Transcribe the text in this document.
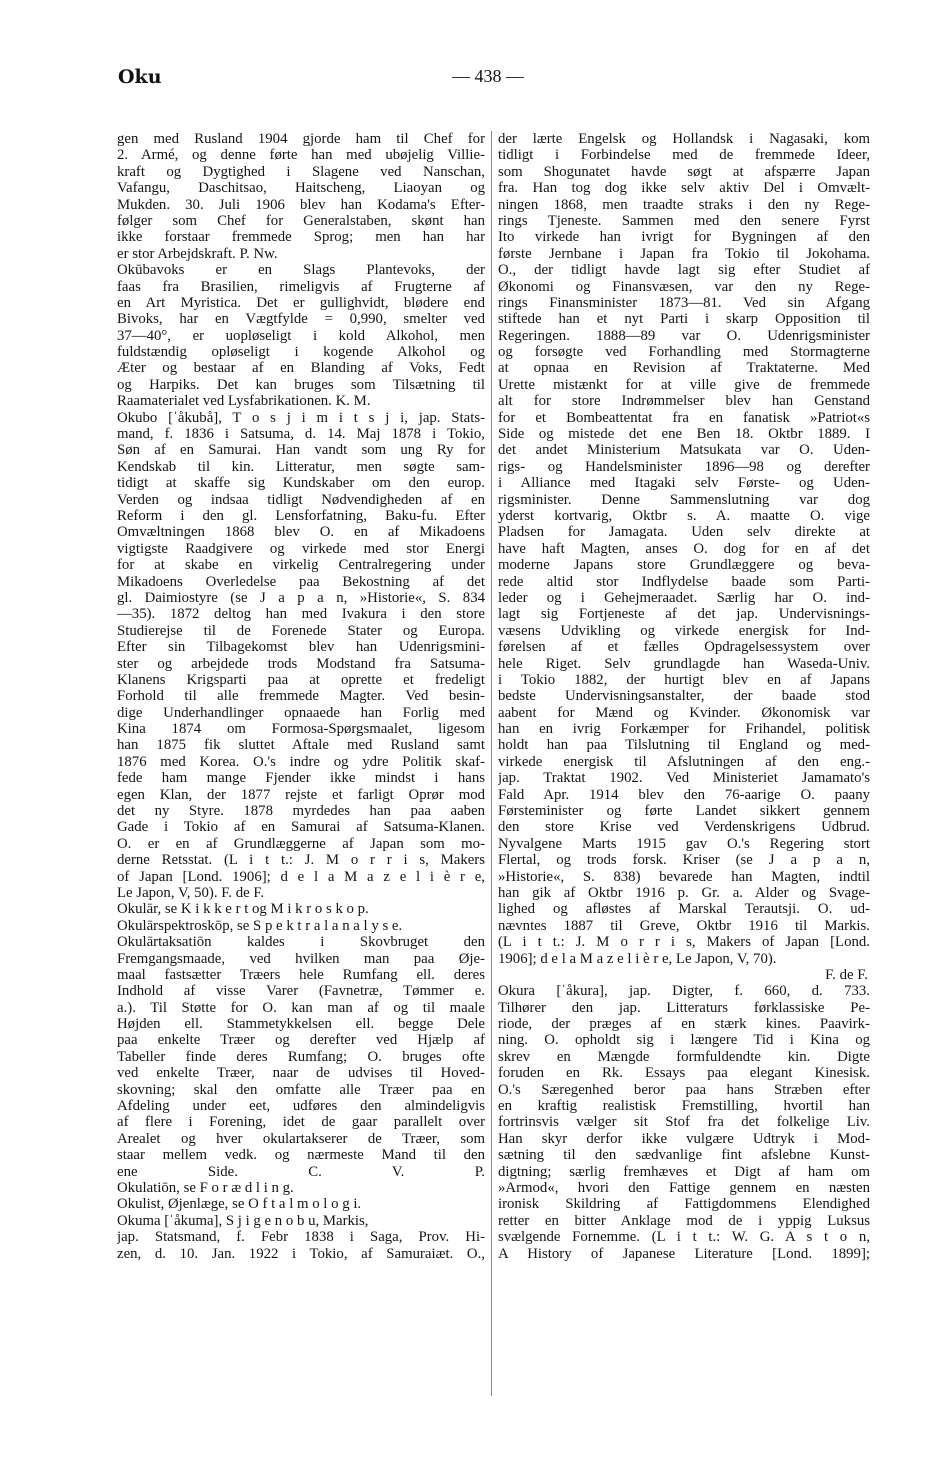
Oku	— 438 —
gen med Rusland 1904 gjorde ham til Chef for
2. Armé, og denne førte han med ubøjelig Villie-
kraft og Dygtighed i Slagene ved Nanschan,
Vafangu, Daschitsao, Haitscheng, Liaoyan og
Mukden. 30. Juli 1906 blev han Kodama's Efter-
følger som Chef for Generalstaben, skønt han
ikke forstaar fremmede Sprog; men han har
er stor Arbejdskraft. P. Nw.
Okūbavoks er en Slags Plantevoks, der
faas fra Brasilien, rimeligvis af Frugterne af
en Art Myristica. Det er gullighvidt, blødere end
Bivoks, har en Vægtfylde = 0,990, smelter ved
37—40°, er uopløseligt i kold Alkohol, men
fuldstændig opløseligt i kogende Alkohol og
Æter og bestaar af en Blanding af Voks, Fedt
og Harpiks. Det kan bruges som Tilsætning til
Raamaterialet ved Lysfabrikationen. K. M.
Okubo [ˈåkubå], T o s j i m i t s j i, jap. Stats-
mand, f. 1836 i Satsuma, d. 14. Maj 1878 i Tokio,
Søn af en Samurai. Han vandt som ung Ry for
Kendskab til kin. Litteratur, men søgte sam-
tidigt at skaffe sig Kundskaber om den europ.
Verden og indsaa tidligt Nødvendigheden af en
Reform i den gl. Lensforfatning, Baku-fu. Efter
Omvæltningen 1868 blev O. en af Mikadoens
vigtigste Raadgivere og virkede med stor Energi
for at skabe en virkelig Centralregering under
Mikadoens Overledelse paa Bekostning af det
gl. Daimiostyre (se J a p a n, »Historie«, S. 834
—35). 1872 deltog han med Ivakura i den store
Studierejse til de Forenede Stater og Europa.
Efter sin Tilbagekomst blev han Udenrigsmini-
ster og arbejdede trods Modstand fra Satsuma-
Klanens Krigsparti paa at oprette et fredeligt
Forhold til alle fremmede Magter. Ved besin-
dige Underhandlinger opnaaede han Forlig med
Kina 1874 om Formosa-Spørgsmaalet, ligesom
han 1875 fik sluttet Aftale med Rusland samt
1876 med Korea. O.'s indre og ydre Politik skaf-
fede ham mange Fjender ikke mindst i hans
egen Klan, der 1877 rejste et farligt Oprør mod
det ny Styre. 1878 myrdedes han paa aaben
Gade i Tokio af en Samurai af Satsuma-Klanen.
O. er en af Grundlæggerne af Japan som mo-
derne Retsstat. (L i t t.: J. M o r r i s, Makers
of Japan [Lond. 1906]; d e l a M a z e l i è r e,
Le Japon, V, 50). F. de F.
Okulār, se K i k k e r t og M i k r o s k o p.
Okulārspektroskōp, se S p e k t r a l a n a l y s e.
Okulārtaksatiōn kaldes i Skovbruget den
Fremgangsmaade, ved hvilken man paa Øje-
maal fastsætter Træers hele Rumfang ell. deres
Indhold af visse Varer (Favnetræ, Tømmer e.
a.). Til Støtte for O. kan man af og til maale
Højden ell. Stammetykkelsen ell. begge Dele
paa enkelte Træer og derefter ved Hjælp af
Tabeller finde deres Rumfang; O. bruges ofte
ved enkelte Træer, naar de udvises til Hoved-
skovning; skal den omfatte alle Træer paa en
Afdeling under eet, udføres den almindeligvis
af flere i Forening, idet de gaar parallelt over
Arealet og hver okulartakserer de Træer, som
staar mellem vedk. og nærmeste Mand til den
ene Side. C. V. P.
Okulatiōn, se F o r æ d l i n g.
Okulist, Øjenlæge, se O f t a l m o l o g i.
Okuma [ˈåkuma], S j i g e n o b u, Markis,
jap. Statsmand, f. Febr 1838 i Saga, Prov. Hi-
zen, d. 10. Jan. 1922 i Tokio, af Samuraiæt. O.,
der lærte Engelsk og Hollandsk i Nagasaki, kom
tidligt i Forbindelse med de fremmede Ideer,
som Shogunatet havde søgt at afspærre Japan
fra. Han tog dog ikke selv aktiv Del i Omvælt-
ningen 1868, men traadte straks i den ny Rege-
rings Tjeneste. Sammen med den senere Fyrst
Ito virkede han ivrigt for Bygningen af den
første Jernbane i Japan fra Tokio til Jokohama.
O., der tidligt havde lagt sig efter Studiet af
Økonomi og Finansvæsen, var den ny Rege-
rings Finansminister 1873—81. Ved sin Afgang
stiftede han et nyt Parti i skarp Opposition til
Regeringen. 1888—89 var O. Udenrigsminister
og forsøgte ved Forhandling med Stormagterne
at opnaa en Revision af Traktaterne. Med
Urette mistænkt for at ville give de fremmede
alt for store Indrømmelser blev han Genstand
for et Bombeattentat fra en fanatisk »Patriot«s
Side og mistede det ene Ben 18. Oktbr 1889. I
det andet Ministerium Matsukata var O. Uden-
rigs- og Handelsminister 1896—98 og derefter
i Alliance med Itagaki selv Første- og Uden-
rigsminister. Denne Sammenslutning var dog
yderst kortvarig, Oktbr s. A. maatte O. vige
Pladsen for Jamagata. Uden selv direkte at
have haft Magten, anses O. dog for en af det
moderne Japans store Grundlæggere og beva-
rede altid stor Indflydelse baade som Parti-
leder og i Gehejmeraadet. Særlig har O. ind-
lagt sig Fortjeneste af det jap. Undervisnings-
væsens Udvikling og virkede energisk for Ind-
førelsen af et fælles Opdragelsessystem over
hele Riget. Selv grundlagde han Waseda-Univ.
i Tokio 1882, der hurtigt blev en af Japans
bedste Undervisningsanstalter, der baade stod
aabent for Mænd og Kvinder. Økonomisk var
han en ivrig Forkæmper for Frihandel, politisk
holdt han paa Tilslutning til England og med-
virkede energisk til Afslutningen af den eng.-
jap. Traktat 1902. Ved Ministeriet Jamamato's
Fald Apr. 1914 blev den 76-aarige O. paany
Førsteminister og førte Landet sikkert gennem
den store Krise ved Verdenskrigens Udbrud.
Nyvalgene Marts 1915 gav O.'s Regering stort
Flertal, og trods forsk. Kriser (se J a p a n,
»Historie«, S. 838) bevarede han Magten, indtil
han gik af Oktbr 1916 p. Gr. a. Alder og Svage-
lighed og afløstes af Marskal Terautsji. O. ud-
nævntes 1887 til Greve, Oktbr 1916 til Markis.
(L i t t.: J. M o r r i s, Makers of Japan [Lond.
1906]; d e l a M a z e l i è r e, Le Japon, V, 70).
F. de F.
Okura [ˈåkura], jap. Digter, f. 660, d. 733.
Tilhører den jap. Litteraturs førklassiske Pe-
riode, der præges af en stærk kines. Paavirk-
ning. O. opholdt sig i længere Tid i Kina og
skrev en Mængde formfuldendte kin. Digte
foruden en Rk. Essays paa elegant Kinesisk.
O.'s Særegenhed beror paa hans Stræben efter
en kraftig realistisk Fremstilling, hvortil han
fortrinsvis vælger sit Stof fra det folkelige Liv.
Han skyr derfor ikke vulgære Udtryk i Mod-
sætning til den sædvanlige fint afslebne Kunst-
digtning; særlig fremhæves et Digt af ham om
»Armod«, hvori den Fattige gennem en næsten
ironisk Skildring af Fattigdommens Elendighed
retter en bitter Anklage mod de i yppig Luksus
svælgende Fornemme. (L i t t.: W. G. A s t o n,
A History of Japanese Literature [Lond. 1899];
